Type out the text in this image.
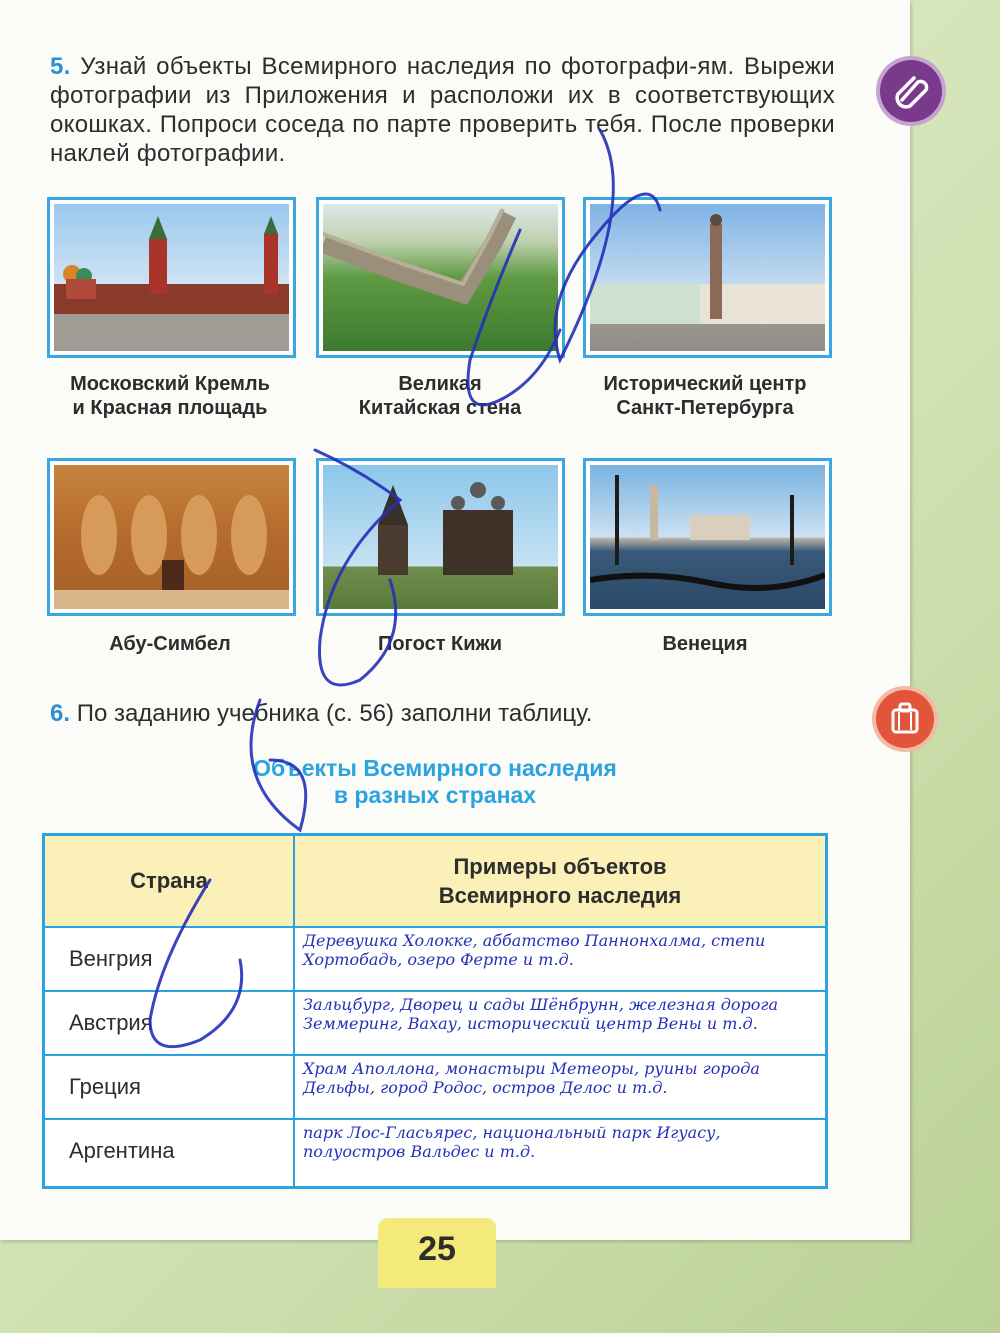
5. Узнай объекты Всемирного наследия по фотографи-ям. Вырежи фотографии из Приложения и расположи их в соответствующих окошках. Попроси соседа по парте проверить тебя. После проверки наклей фотографии.
Московский Кремль
и Красная площадь
Великая
Китайская стена
Исторический центр
Санкт-Петербурга
Абу-Симбел	Погост Кижи	Венеция
6. По заданию учебника (с. 56) заполни таблицу.
Объекты Всемирного наследия
в разных странах
Страна
Примеры объектов
Всемирного наследия
Венгрия
Деревушка Холокке, аббатство Паннонхалма, степи Хортобадь, озеро Ферте и т.д.
Австрия
Зальцбург, Дворец и сады Шёнбрунн, железная дорога Земмеринг, Вахау, исторический центр Вены и т.д.
Греция
Храм Аполлона, монастыри Метеоры, руины города Дельфы, город Родос, остров Делос и т.д.
Аргентина
парк Лос-Гласьярес, национальный парк Игуасу, полуостров Вальдес и т.д.
25
